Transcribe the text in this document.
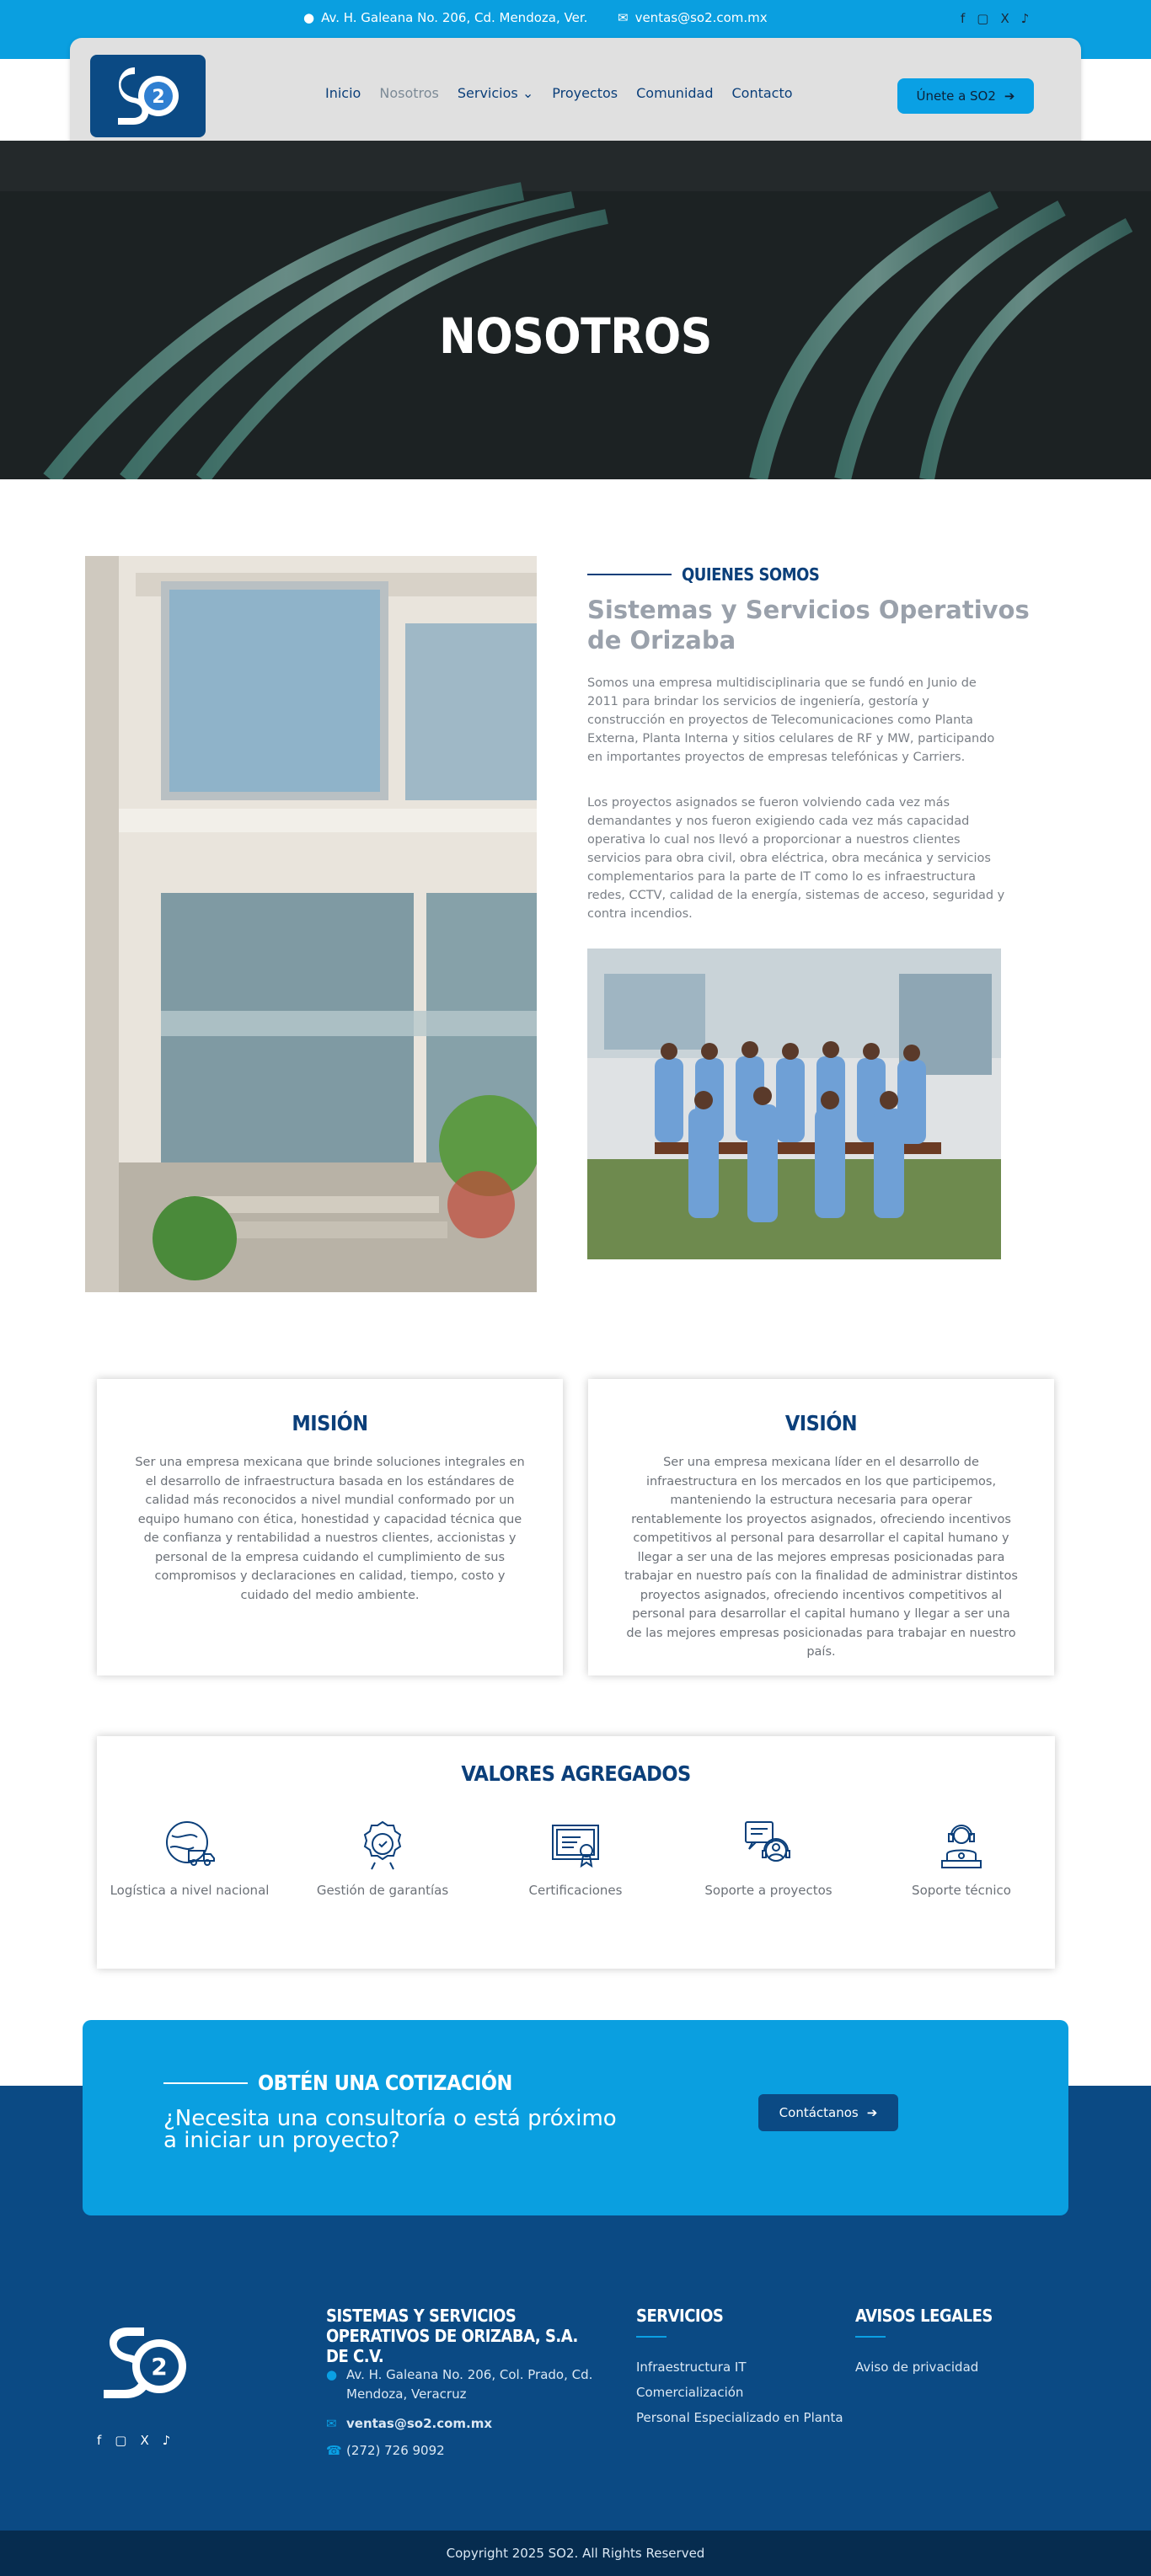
● Av. H. Galeana No. 206, Cd. Mendoza, Ver. ✉ ventas@so2.com.mx	f ▢ X ♪
2	Inicio Nosotros Servicios ⌄ Proyectos Comunidad Contacto	Únete a SO2 ➔
NOSOTROS
QUIENES SOMOS
Sistemas y Servicios Operativos de Orizaba
Somos una empresa multidisciplinaria que se fundó en Junio de 2011 para brindar los servicios de ingeniería, gestoría y construcción en proyectos de Telecomunicaciones como Planta Externa, Planta Interna y sitios celulares de RF y MW, participando en importantes proyectos de empresas telefónicas y Carriers.
Los proyectos asignados se fueron volviendo cada vez más demandantes y nos fueron exigiendo cada vez más capacidad operativa lo cual nos llevó a proporcionar a nuestros clientes servicios para obra civil, obra eléctrica, obra mecánica y servicios complementarios para la parte de IT como lo es infraestructura redes, CCTV, calidad de la energía, sistemas de acceso, seguridad y contra incendios.
MISIÓN
Ser una empresa mexicana que brinde soluciones integrales en el desarrollo de infraestructura basada en los estándares de calidad más reconocidos a nivel mundial conformado por un equipo humano con ética, honestidad y capacidad técnica que de confianza y rentabilidad a nuestros clientes, accionistas y personal de la empresa cuidando el cumplimiento de sus compromisos y declaraciones en calidad, tiempo, costo y cuidado del medio ambiente.
VISIÓN
Ser una empresa mexicana líder en el desarrollo de infraestructura en los mercados en los que participemos, manteniendo la estructura necesaria para operar rentablemente los proyectos asignados, ofreciendo incentivos competitivos al personal para desarrollar el capital humano y llegar a ser una de las mejores empresas posicionadas para trabajar en nuestro país con la finalidad de administrar distintos proyectos asignados, ofreciendo incentivos competitivos al personal para desarrollar el capital humano y llegar a ser una de las mejores empresas posicionadas para trabajar en nuestro país.
VALORES AGREGADOS
Logística a nivel nacional	Gestión de garantías	Certificaciones	Soporte a proyectos	Soporte técnico
OBTÉN UNA COTIZACIÓN
¿Necesita una consultoría o está próximo a iniciar un proyecto?
Contáctanos ➔
2
f ▢ X ♪
SISTEMAS Y SERVICIOS OPERATIVOS DE ORIZABA, S.A. DE C.V.
● Av. H. Galeana No. 206, Col. Prado, Cd. Mendoza, Veracruz
✉ ventas@so2.com.mx
☎ (272) 726 9092
SERVICIOS
Infraestructura IT
Comercialización
Personal Especializado en Planta
AVISOS LEGALES
Aviso de privacidad
Copyright 2025 SO2. All Rights Reserved
